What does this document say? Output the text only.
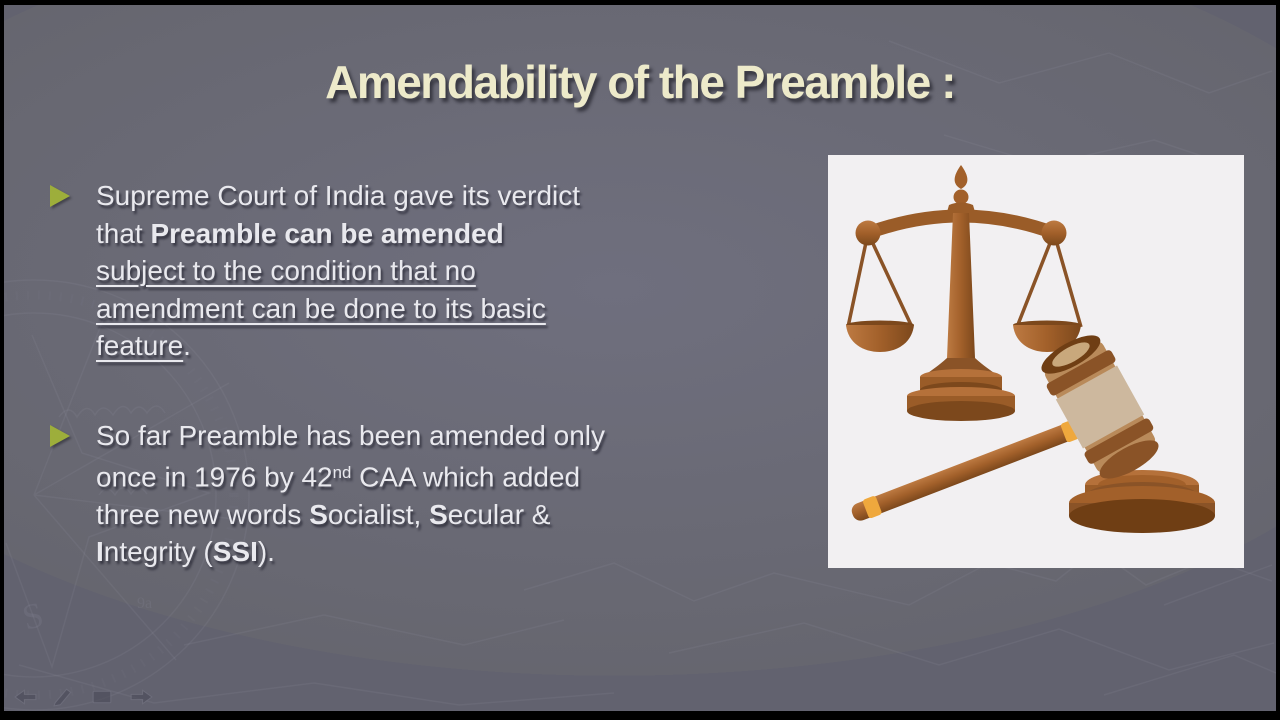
S	9a
Amendability of the Preamble :
Supreme Court of India gave its verdict
that Preamble can be amended
subject to the condition that no
amendment can be done to its basic
feature.
So far Preamble has been amended only
once in 1976 by 42nd CAA which added
three new words Socialist, Secular &
Integrity (SSI).
